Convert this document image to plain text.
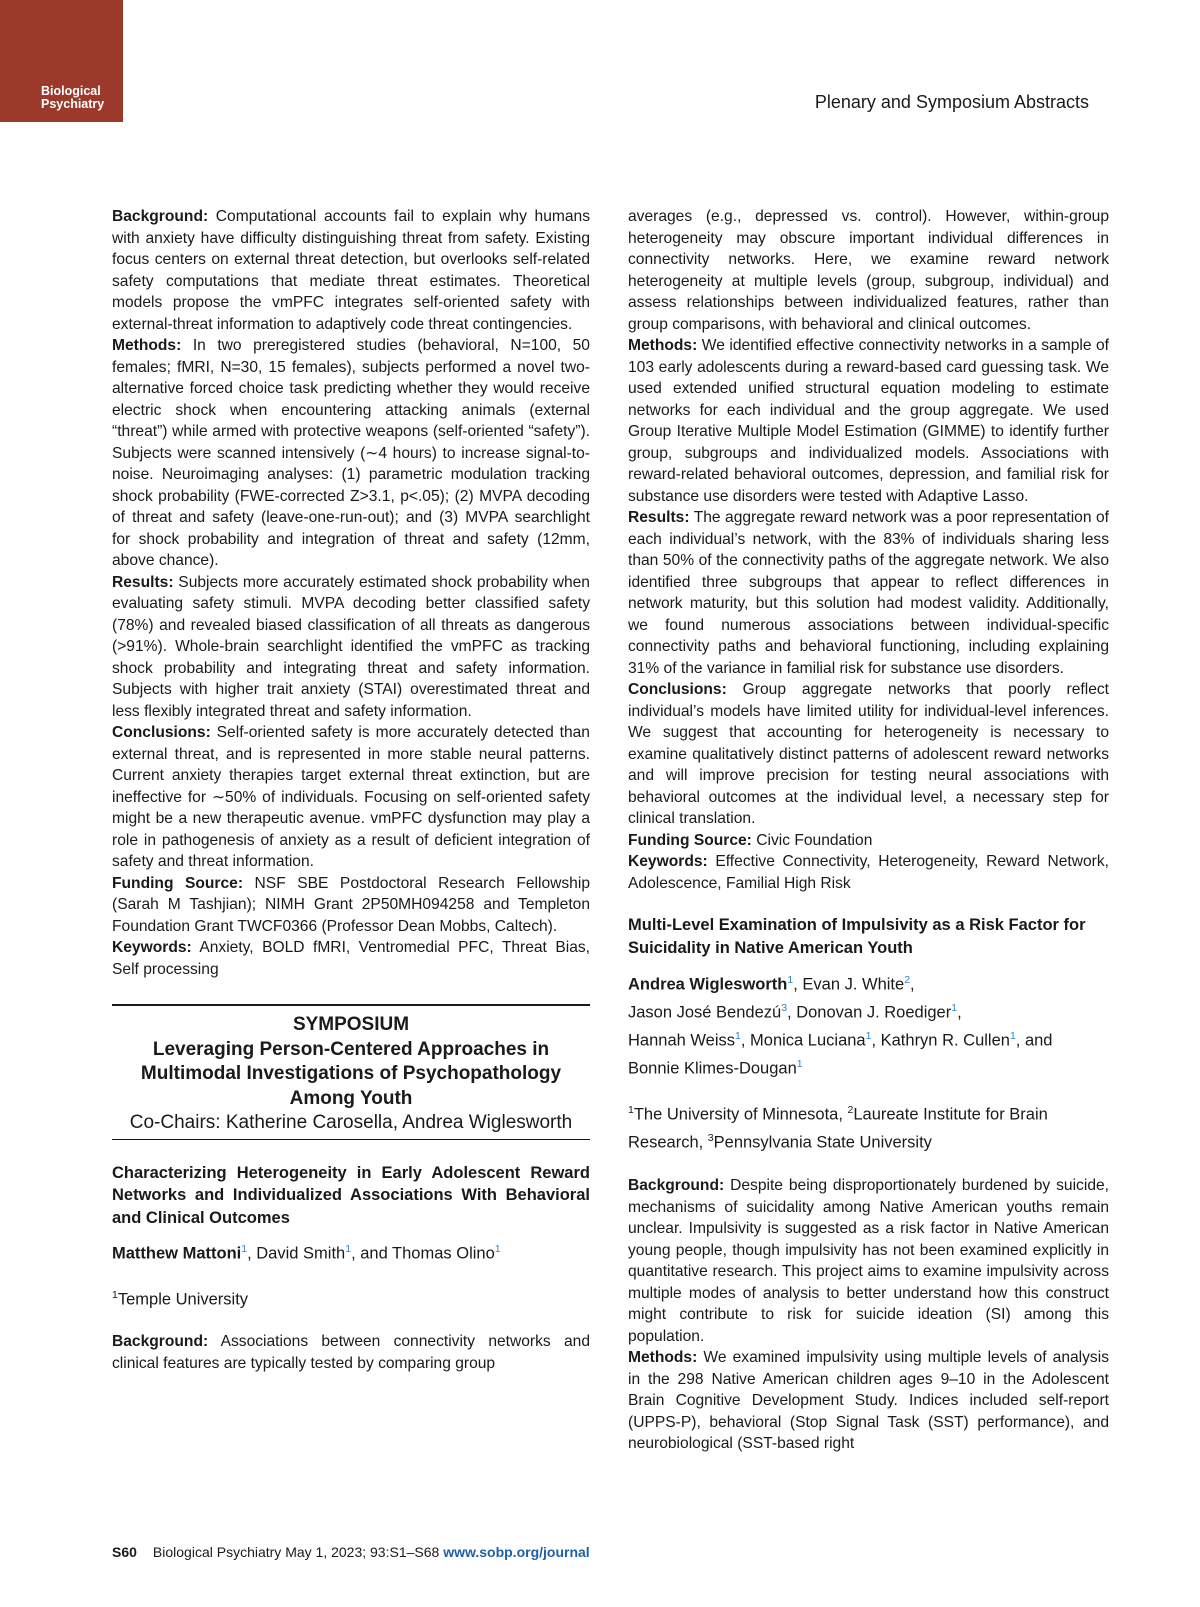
Biological
Psychiatry	Plenary and Symposium Abstracts

Background: Computational accounts fail to explain why humans with anxiety have difficulty distinguishing threat from safety. Existing focus centers on external threat detection, but overlooks self-related safety computations that mediate threat estimates. Theoretical models propose the vmPFC integrates self-oriented safety with external-threat information to adaptively code threat contingencies.

Methods: In two preregistered studies (behavioral, N=100, 50 females; fMRI, N=30, 15 females), subjects performed a novel two-alternative forced choice task predicting whether they would receive electric shock when encountering attacking animals (external “threat”) while armed with protective weapons (self-oriented “safety”). Subjects were scanned intensively (∼4 hours) to increase signal-to-noise. Neuroimaging analyses: (1) parametric modulation tracking shock probability (FWE-corrected Z>3.1, p<.05); (2) MVPA decoding of threat and safety (leave-one-run-out); and (3) MVPA searchlight for shock probability and integration of threat and safety (12mm, above chance).

Results: Subjects more accurately estimated shock probability when evaluating safety stimuli. MVPA decoding better classified safety (78%) and revealed biased classification of all threats as dangerous (>91%). Whole-brain searchlight identified the vmPFC as tracking shock probability and integrating threat and safety information. Subjects with higher trait anxiety (STAI) overestimated threat and less flexibly integrated threat and safety information.

Conclusions: Self-oriented safety is more accurately detected than external threat, and is represented in more stable neural patterns. Current anxiety therapies target external threat extinction, but are ineffective for ∼50% of individuals. Focusing on self-oriented safety might be a new therapeutic avenue. vmPFC dysfunction may play a role in pathogenesis of anxiety as a result of deficient integration of safety and threat information.

Funding Source: NSF SBE Postdoctoral Research Fellowship (Sarah M Tashjian); NIMH Grant 2P50MH094258 and Templeton Foundation Grant TWCF0366 (Professor Dean Mobbs, Caltech).

Keywords: Anxiety, BOLD fMRI, Ventromedial PFC, Threat Bias, Self processing

SYMPOSIUM
Leveraging Person-Centered Approaches in Multimodal Investigations of Psychopathology Among Youth
Co-Chairs: Katherine Carosella, Andrea Wiglesworth

Characterizing Heterogeneity in Early Adolescent Reward Networks and Individualized Associations With Behavioral and Clinical Outcomes

Matthew Mattoni$^1$, David Smith$^1$, and Thomas Olino$^1$

$^1$Temple University

Background: Associations between connectivity networks and clinical features are typically tested by comparing group

averages (e.g., depressed vs. control). However, within-group heterogeneity may obscure important individual differences in connectivity networks. Here, we examine reward network heterogeneity at multiple levels (group, subgroup, individual) and assess relationships between individualized features, rather than group comparisons, with behavioral and clinical outcomes.

Methods: We identified effective connectivity networks in a sample of 103 early adolescents during a reward-based card guessing task. We used extended unified structural equation modeling to estimate networks for each individual and the group aggregate. We used Group Iterative Multiple Model Estimation (GIMME) to identify further group, subgroups and individualized models. Associations with reward-related behavioral outcomes, depression, and familial risk for substance use disorders were tested with Adaptive Lasso.

Results: The aggregate reward network was a poor representation of each individual’s network, with the 83% of individuals sharing less than 50% of the connectivity paths of the aggregate network. We also identified three subgroups that appear to reflect differences in network maturity, but this solution had modest validity. Additionally, we found numerous associations between individual-specific connectivity paths and behavioral functioning, including explaining 31% of the variance in familial risk for substance use disorders.

Conclusions: Group aggregate networks that poorly reflect individual’s models have limited utility for individual-level inferences. We suggest that accounting for heterogeneity is necessary to examine qualitatively distinct patterns of adolescent reward networks and will improve precision for testing neural associations with behavioral outcomes at the individual level, a necessary step for clinical translation.

Funding Source: Civic Foundation

Keywords: Effective Connectivity, Heterogeneity, Reward Network, Adolescence, Familial High Risk

Multi-Level Examination of Impulsivity as a Risk Factor for Suicidality in Native American Youth

Andrea Wiglesworth$^1$, Evan J. White$^2$,
Jason José Bendezú$^3$, Donovan J. Roediger$^1$,
Hannah Weiss$^1$, Monica Luciana$^1$, Kathryn R. Cullen$^1$, and
Bonnie Klimes-Dougan$^1$

$^1$The University of Minnesota, $^2$Laureate Institute for Brain Research, $^3$Pennsylvania State University

Background: Despite being disproportionately burdened by suicide, mechanisms of suicidality among Native American youths remain unclear. Impulsivity is suggested as a risk factor in Native American young people, though impulsivity has not been examined explicitly in quantitative research. This project aims to examine impulsivity across multiple modes of analysis to better understand how this construct might contribute to risk for suicide ideation (SI) among this population.

Methods: We examined impulsivity using multiple levels of analysis in the 298 Native American children ages 9–10 in the Adolescent Brain Cognitive Development Study. Indices included self-report (UPPS-P), behavioral (Stop Signal Task (SST) performance), and neurobiological (SST-based right

S60 Biological Psychiatry May 1, 2023; 93:S1–S68 www.sobp.org/journal
